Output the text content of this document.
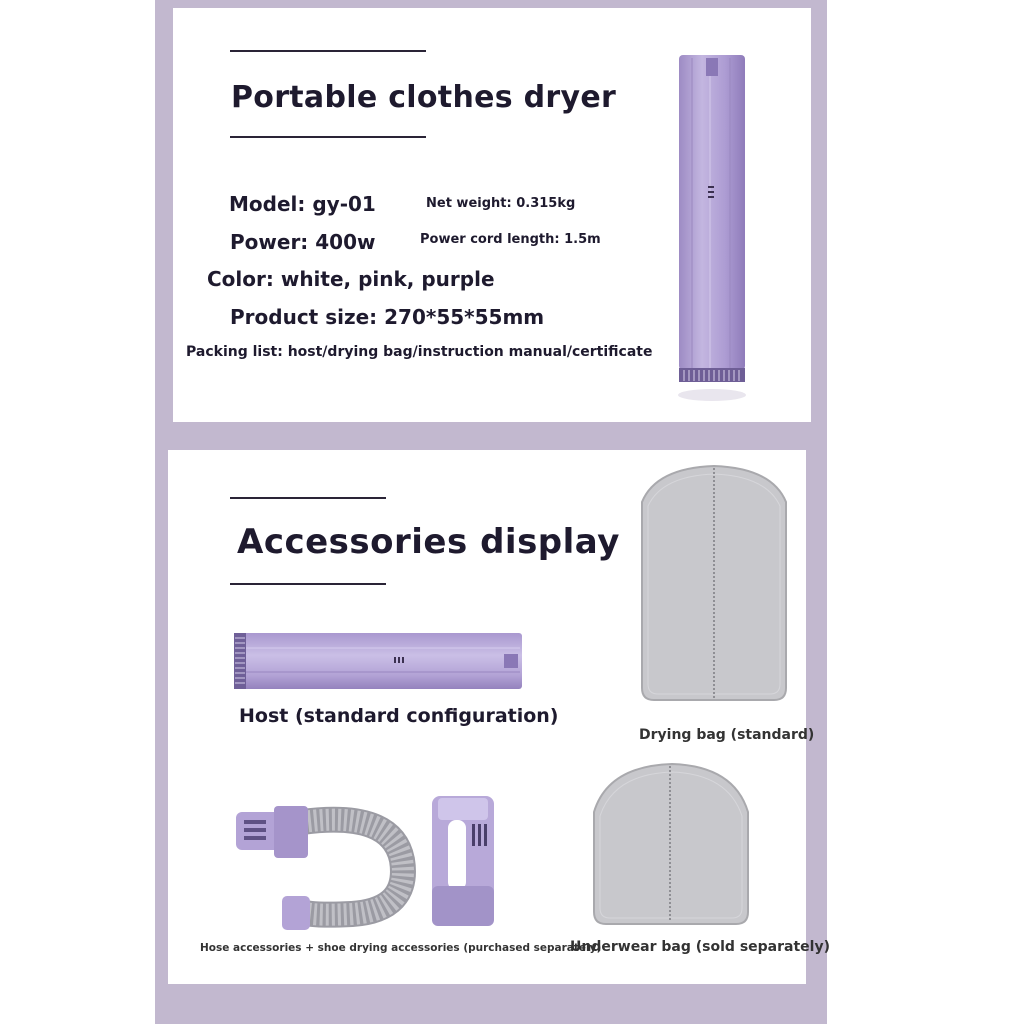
Portable clothes dryer
Model: gy-01	Net weight: 0.315kg
Power: 400w	Power cord length: 1.5m
Color: white, pink, purple
Product size: 270*55*55mm
Packing list: host/drying bag/instruction manual/certificate
Accessories display
Host (standard configuration)
Drying bag (standard)
Hose accessories + shoe drying accessories (purchased separately)
Underwear bag (sold separately)
